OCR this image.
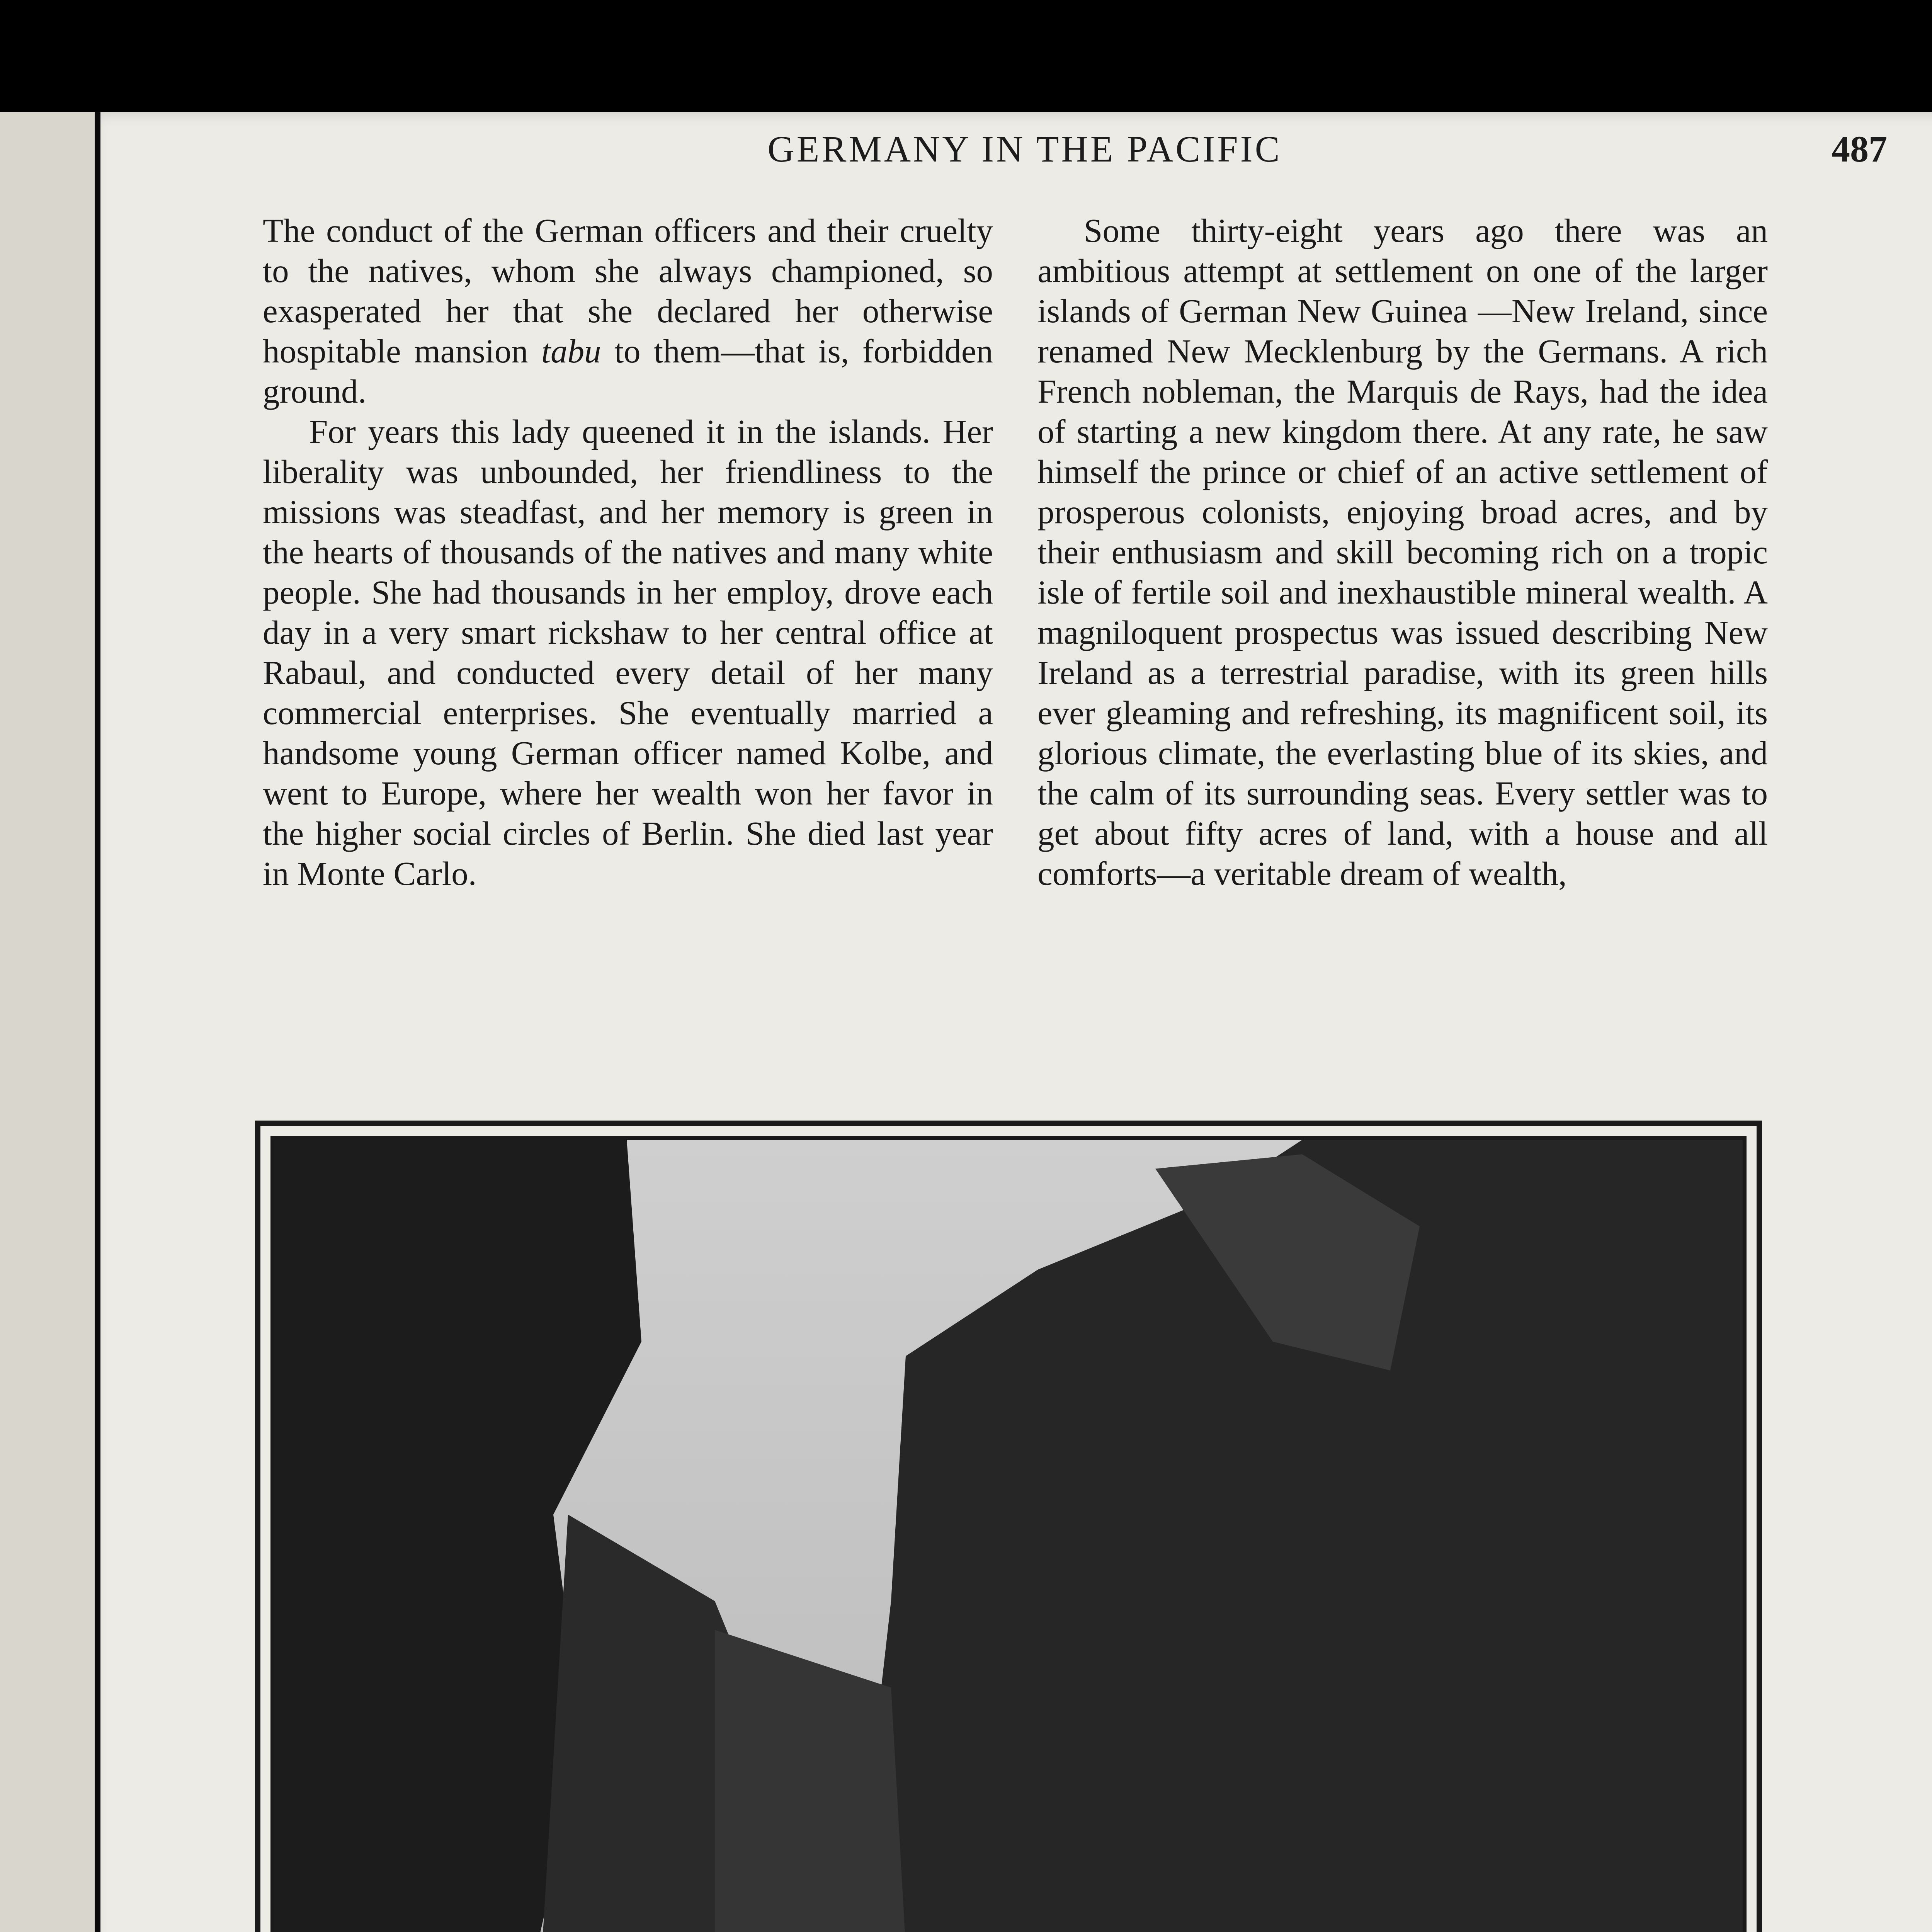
GERMANY IN THE PACIFIC	487

The conduct of the German officers and their cruelty to the natives, whom she always championed, so exasperated her that she declared her otherwise hospitable mansion tabu to them—that is, forbidden ground.

For years this lady queened it in the islands. Her liberality was unbounded, her friendliness to the missions was steadfast, and her memory is green in the hearts of thousands of the natives and many white people. She had thousands in her employ, drove each day in a very smart rickshaw to her central office at Rabaul, and conducted every detail of her many commercial enterprises. She eventually married a handsome young German officer named Kolbe, and went to Europe, where her wealth won her favor in the higher social circles of Berlin. She died last year in Monte Carlo.

Some thirty-eight years ago there was an ambitious attempt at settlement on one of the larger islands of German New Guinea —New Ireland, since renamed New Mecklenburg by the Germans. A rich French nobleman, the Marquis de Rays, had the idea of starting a new kingdom there. At any rate, he saw himself the prince or chief of an active settlement of prosperous colonists, enjoying broad acres, and by their enthusiasm and skill becoming rich on a tropic isle of fertile soil and inexhaustible mineral wealth. A magniloquent prospectus was issued describing New Ireland as a terrestrial paradise, with its green hills ever gleaming and refreshing, its magnificent soil, its glorious climate, the everlasting blue of its skies, and the calm of its surrounding seas. Every settler was to get about fifty acres of land, with a house and all comforts—a veritable dream of wealth,
